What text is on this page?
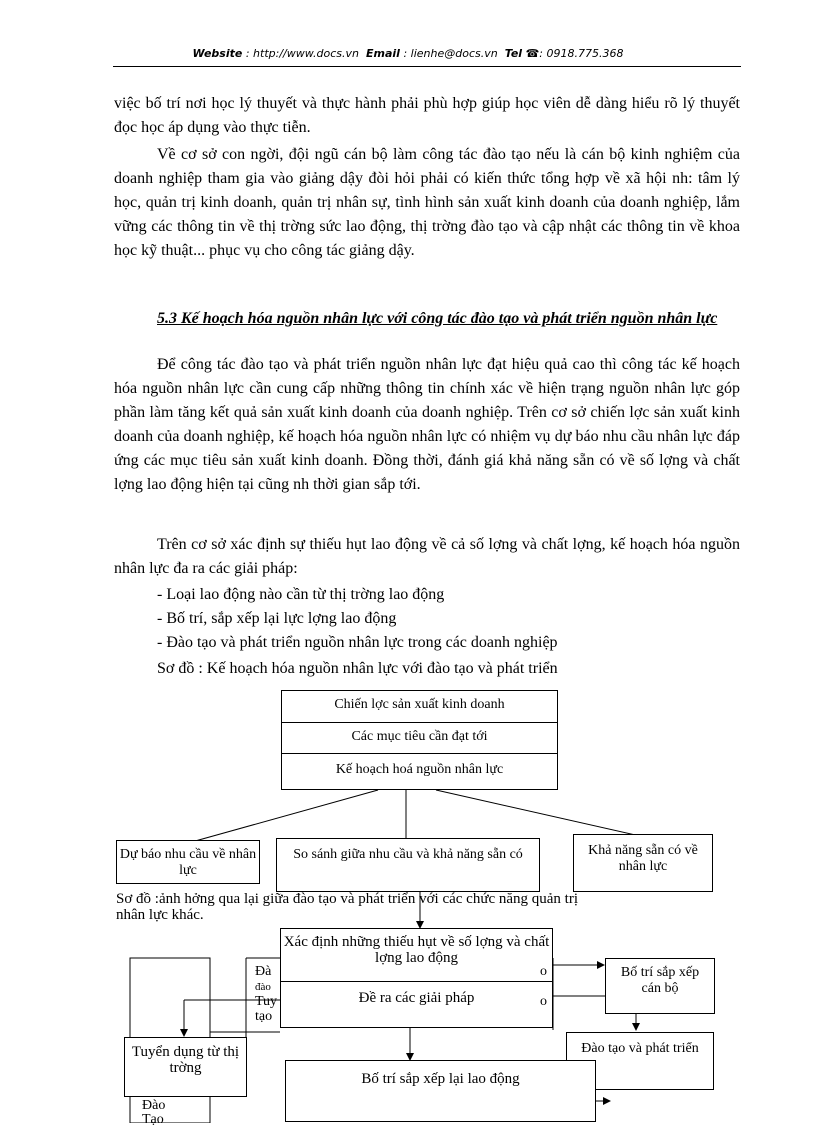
Website : http://www.docs.vn Email : lienhe@docs.vn Tel ☎: 0918.775.368
việc bố trí nơi học lý thuyết và thực hành phải phù hợp giúp học viên dễ dàng hiểu rõ lý thuyết đọc học áp dụng vào thực tiễn.
Về cơ sở con ngời, đội ngũ cán bộ làm công tác đào tạo nếu là cán bộ kinh nghiệm của doanh nghiệp tham gia vào giảng dậy đòi hỏi phải có kiến thức tổng hợp về xã hội nh: tâm lý học, quản trị kinh doanh, quản trị nhân sự, tình hình sản xuất kinh doanh của doanh nghiệp, lắm vững các thông tin về thị trờng sức lao động, thị trờng đào tạo và cập nhật các thông tin về khoa học kỹ thuật... phục vụ cho công tác giảng dậy.
5.3 Kế hoạch hóa nguồn nhân lực với công tác đào tạo và phát triển nguồn nhân lực
Để công tác đào tạo và phát triển nguồn nhân lực đạt hiệu quả cao thì công tác kế hoạch hóa nguồn nhân lực cần cung cấp những thông tin chính xác về hiện trạng nguồn nhân lực góp phần làm tăng kết quả sản xuất kinh doanh của doanh nghiệp. Trên cơ sở chiến lợc sản xuất kinh doanh của doanh nghiệp, kế hoạch hóa nguồn nhân lực có nhiệm vụ dự báo nhu cầu nhân lực đáp ứng các mục tiêu sản xuất kinh doanh. Đồng thời, đánh giá khả năng sẵn có về số lợng và chất lợng lao động hiện tại cũng nh thời gian sắp tới.
Trên cơ sở xác định sự thiếu hụt lao động về cả số lợng và chất lợng, kế hoạch hóa nguồn nhân lực đa ra các giải pháp:
- Loại lao động nào cần từ thị trờng lao động
- Bố trí, sắp xếp lại lực lợng lao động
- Đào tạo và phát triển nguồn nhân lực trong các doanh nghiệp
Sơ đồ : Kế hoạch hóa nguồn nhân lực với đào tạo và phát triển
Chiến lợc sản xuất kinh doanh
Các mục tiêu cần đạt tới
Kế hoạch hoá nguồn nhân lực
Dự báo nhu cầu về nhân lực
So sánh giữa nhu cầu và khả năng sẵn có	Khả năng sẵn có về nhân lực
Sơ đồ :ảnh hởng qua lại giữa đào tạo và phát triển với các chức năng quản trị
nhân lực khác.
Xác định những thiếu hụt về số lợng và chất lợng lao động
Đề ra các giải pháp
Đà
đào
Tuy
tạo
o
o
Đào
Tạo
Bố trí sắp xếp cán bộ
Đào tạo và phát triển
Tuyển dụng từ thị trờng
Bố trí sắp xếp lại lao động
